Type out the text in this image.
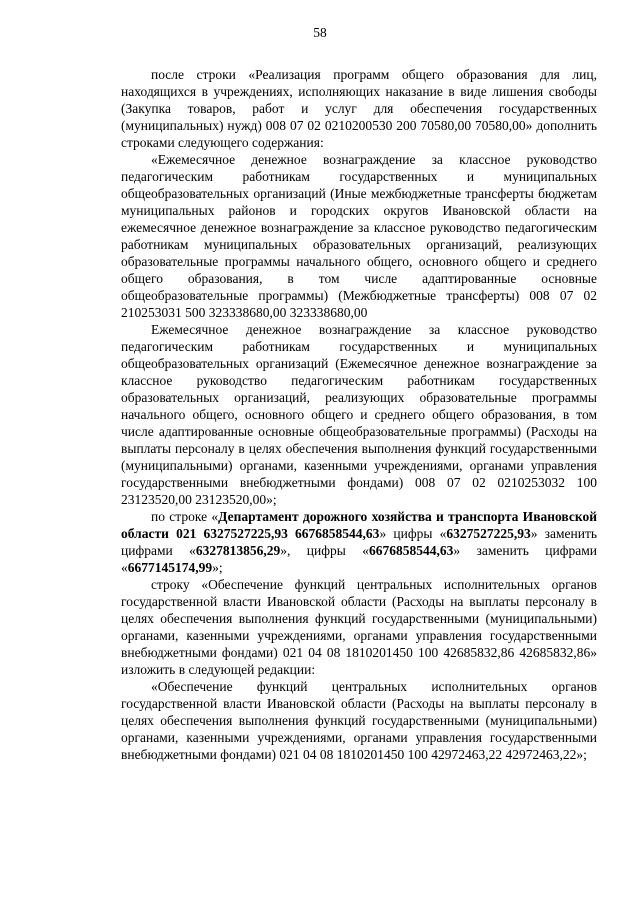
58

после строки «Реализация программ общего образования для лиц, находящихся в учреждениях, исполняющих наказание в виде лишения свободы (Закупка товаров, работ и услуг для обеспечения государственных (муниципальных) нужд) 008 07 02 0210200530 200 70580,00 70580,00» дополнить строками следующего содержания:

«Ежемесячное денежное вознаграждение за классное руководство педагогическим работникам государственных и муниципальных общеобразовательных организаций (Иные межбюджетные трансферты бюджетам муниципальных районов и городских округов Ивановской области на ежемесячное денежное вознаграждение за классное руководство педагогическим работникам муниципальных образовательных организаций, реализующих образовательные программы начального общего, основного общего и среднего общего образования, в том числе адаптированные основные общеобразовательные программы) (Межбюджетные трансферты) 008 07 02 210253031 500 323338680,00 323338680,00

Ежемесячное денежное вознаграждение за классное руководство педагогическим работникам государственных и муниципальных общеобразовательных организаций (Ежемесячное денежное вознаграждение за классное руководство педагогическим работникам государственных образовательных организаций, реализующих образовательные программы начального общего, основного общего и среднего общего образования, в том числе адаптированные основные общеобразовательные программы) (Расходы на выплаты персоналу в целях обеспечения выполнения функций государственными (муниципальными) органами, казенными учреждениями, органами управления государственными внебюджетными фондами) 008 07 02 0210253032 100 23123520,00 23123520,00»;

по строке «Департамент дорожного хозяйства и транспорта Ивановской области 021 6327527225,93 6676858544,63» цифры «6327527225,93» заменить цифрами «6327813856,29», цифры «6676858544,63» заменить цифрами «6677145174,99»;

строку «Обеспечение функций центральных исполнительных органов государственной власти Ивановской области (Расходы на выплаты персоналу в целях обеспечения выполнения функций государственными (муниципальными) органами, казенными учреждениями, органами управления государственными внебюджетными фондами) 021 04 08 1810201450 100 42685832,86 42685832,86» изложить в следующей редакции:

«Обеспечение функций центральных исполнительных органов государственной власти Ивановской области (Расходы на выплаты персоналу в целях обеспечения выполнения функций государственными (муниципальными) органами, казенными учреждениями, органами управления государственными внебюджетными фондами) 021 04 08 1810201450 100 42972463,22 42972463,22»;
